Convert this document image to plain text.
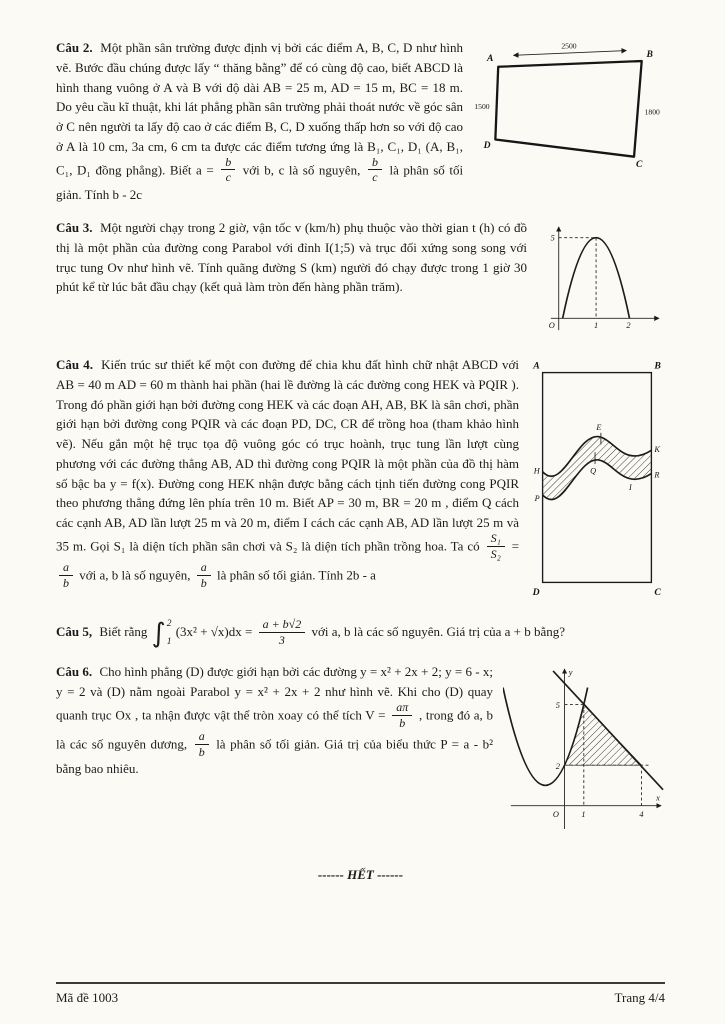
2500
1500
1800
A	B
D
C
Câu 2. Một phần sân trường được định vị bởi các điểm A, B, C, D như hình vẽ. Bước đầu chúng được lấy “ thăng bằng” để có cùng độ cao, biết ABCD là hình thang vuông ở A và B với độ dài AB = 25 m, AD = 15 m, BC = 18 m. Do yêu cầu kĩ thuật, khi lát phẳng phần sân trường phải thoát nước về góc sân ở C nên người ta lấy độ cao ở các điểm B, C, D xuống thấp hơn so với độ cao ở A là 10 cm, 3a cm, 6 cm ta được các điểm tương ứng là B₁, C₁, D₁ (A, B₁, C₁, D₁ đồng phẳng). Biết $a = \frac{b}{c}$ với b, c là số nguyên, $\frac{b}{c}$ là phân số tối giản. Tính b - 2c
5
O	1	2
Câu 3. Một người chạy trong 2 giờ, vận tốc v (km/h) phụ thuộc vào thời gian t (h) có đồ thị là một phần của đường cong Parabol với đỉnh I(1;5) và trục đối xứng song song với trục tung Ov như hình vẽ. Tính quãng đường S (km) người đó chạy được trong 1 giờ 30 phút kể từ lúc bắt đầu chạy (kết quả làm tròn đến hàng phần trăm).
A	B
D	C
H
E
K
P
Q
I
R
Câu 4. Kiến trúc sư thiết kế một con đường để chia khu đất hình chữ nhật ABCD với AB = 40 m AD = 60 m thành hai phần (hai lề đường là các đường cong HEK và PQIR ). Trong đó phần giới hạn bởi đường cong HEK và các đoạn AH, AB, BK là sân chơi, phần giới hạn bởi đường cong PQIR và các đoạn PD, DC, CR để trồng hoa (tham khảo hình vẽ). Nếu gắn một hệ trục tọa độ vuông góc có trục hoành, trục tung lần lượt cùng phương với các đường thẳng AB, AD thì đường cong PQIR là một phần của đồ thị hàm số bậc ba y = f(x). Đường cong HEK nhận được bằng cách tịnh tiến đường cong PQIR theo phương thẳng đứng lên phía trên 10 m. Biết AP = 30 m, BR = 20 m , điểm Q cách các cạnh AB, AD lần lượt 25 m và 20 m, điểm I cách các cạnh AB, AD lần lượt 25 m và 35 m. Gọi S₁ là diện tích phần sân chơi và S₂ là diện tích phần trồng hoa. Ta có $\frac{\text{S₁}}{\text{S₂}}$ =
$\frac{a}{b}$ với a, b là số nguyên, $\frac{a}{b}$ là phân số tối giản. Tính 2b - a
Câu 5, Biết rằng ∫ 2
1
$(3x^2 + √x)dx = \frac{a + b√2}{3}$ với a, b là các số nguyên. Giá trị của a + b bằng?
y
x
5
2
O	1	4
Câu 6. Cho hình phẳng (D) được giới hạn bởi các đường y = x² + 2x + 2; y = 6 - x; y = 2 và (D) nằm ngoài Parabol y = x² + 2x + 2 như hình vẽ. Khi cho (D) quay quanh trục Ox , ta nhận được vật thể tròn xoay có thể tích $V = \frac{a\pi}{b}$ , trong đó a, b là các số nguyên dương, $\frac{a}{b}$ là phân số tối giản. Giá trị của biểu thức P = a - b² bằng bao nhiêu.
------ HẾT ------
Mã đề 1003	Trang 4/4
